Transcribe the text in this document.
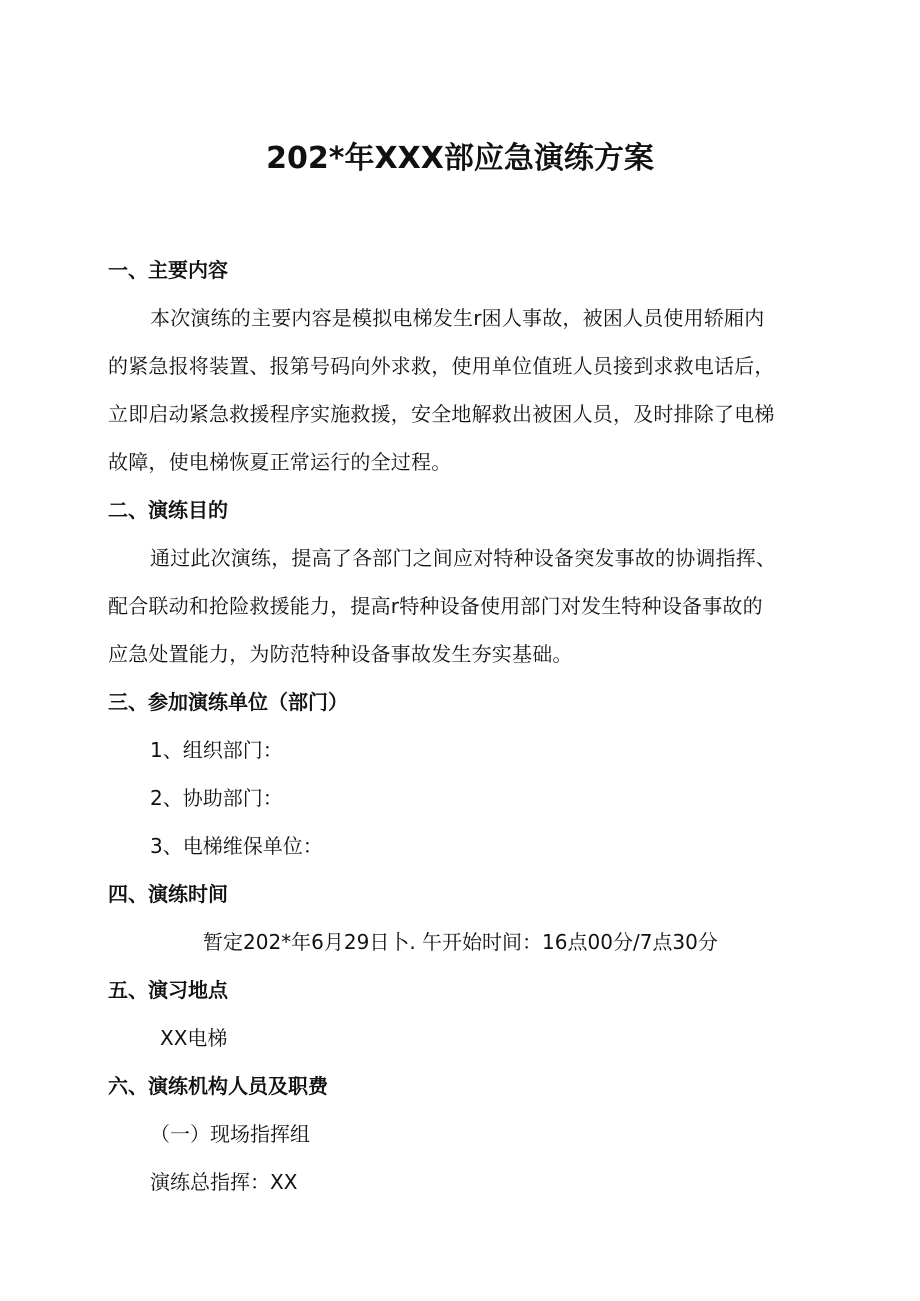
202*年XXX部应急演练方案
一、主要内容
本次演练的主要内容是模拟电梯发生r困人事故，被困人员使用轿厢内
的紧急报将装置、报第号码向外求救，使用单位值班人员接到求救电话后，
立即启动紧急救援程序实施救援，安全地解救出被困人员，及时排除了电梯
故障，使电梯恢夏正常运行的全过程。
二、演练目的
通过此次演练，提高了各部门之间应对特种设备突发事故的协调指挥、
配合联动和抢险救援能力，提高r特种设备使用部门对发生特种设备事故的
应急处置能力，为防范特种设备事故发生夯实基础。
三、参加演练单位（部门）
1、组织部门：
2、协助部门：
3、电梯维保单位：
四、演练时间
暂定202*年6月29日卜. 午开始时间：16点00分/7点30分
五、演习地点
XX电梯
六、演练机构人员及职费
（一）现场指挥组
演练总指挥：XX
